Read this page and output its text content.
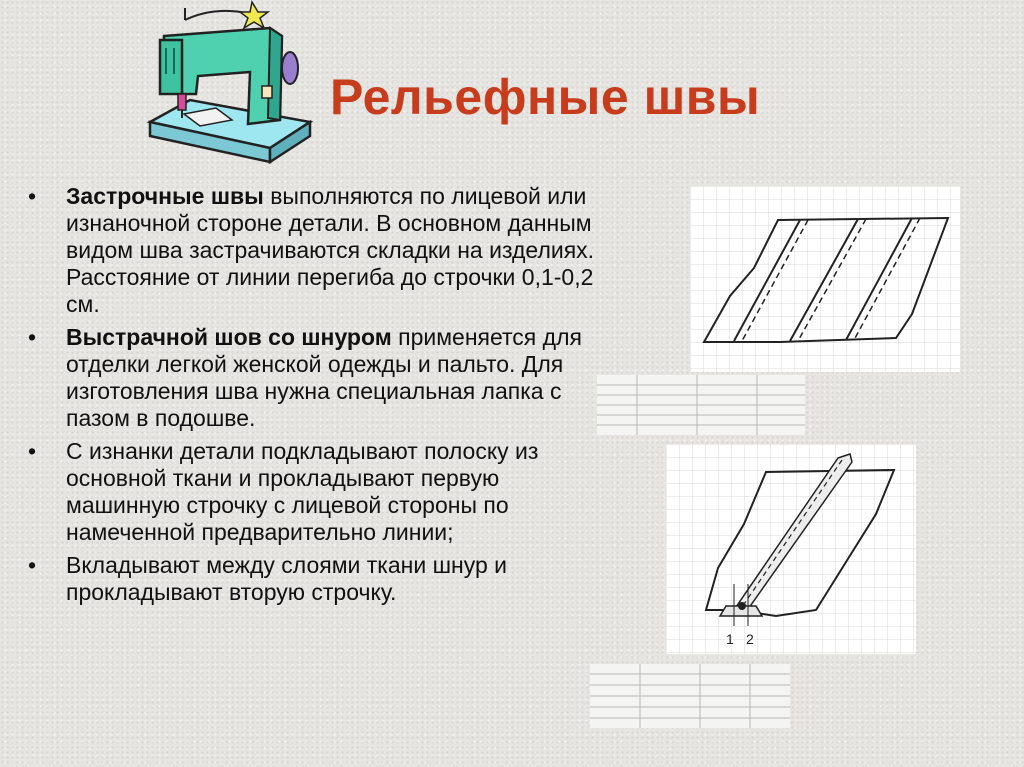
Рельефные швы
• Застрочные швы выполняются по лицевой или изнаночной стороне детали. В основном данным видом шва застрачиваются складки на изделиях. Расстояние от линии перегиба до строчки 0,1-0,2 см.
• Выстрачной шов со шнуром применяется для отделки легкой женской одежды и пальто. Для изготовления шва нужна специальная лапка с пазом в подошве.
• С изнанки детали подкладывают полоску из основной ткани и прокладывают первую машинную строчку с лицевой стороны по намеченной предварительно линии;
• Вкладывают между слоями ткани шнур и прокладывают вторую строчку.
1 2
